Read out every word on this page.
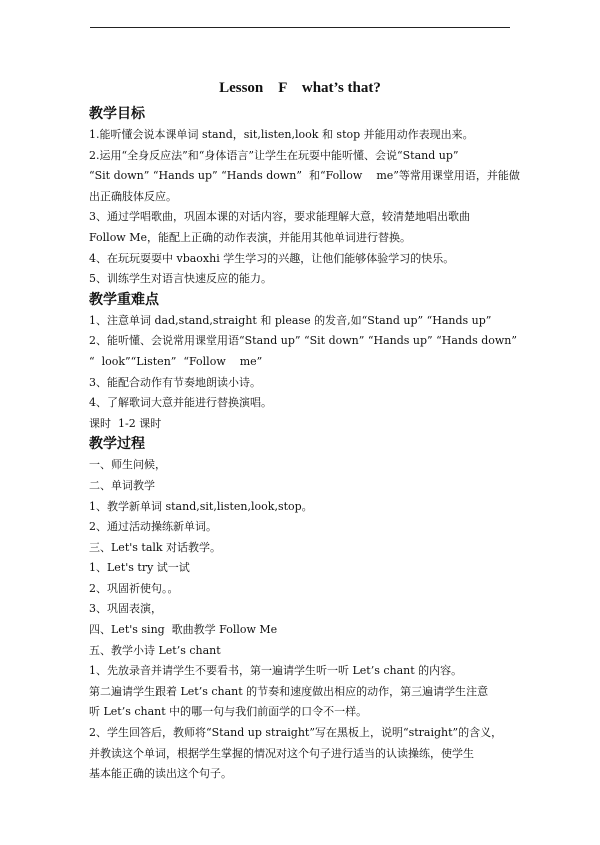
Lesson    F    what’s that?
教学目标
1.能听懂会说本课单词 stand，sit,listen,look 和 stop 并能用动作表现出来。
2.运用“全身反应法”和“身体语言”让学生在玩耍中能听懂、会说“Stand up”
“Sit down” “Hands up” “Hands down”  和“Follow    me”等常用课堂用语，并能做
出正确肢体反应。
3、通过学唱歌曲，巩固本课的对话内容，要求能理解大意，较清楚地唱出歌曲
Follow Me，能配上正确的动作表演，并能用其他单词进行替换。
4、在玩玩耍耍中 vbaoxhi 学生学习的兴趣，让他们能够体验学习的快乐。
5、训练学生对语言快速反应的能力。
教学重难点
1、注意单词 dad,stand,straight 和 please 的发音,如“Stand up” “Hands up”
2、能听懂、会说常用课堂用语“Stand up” “Sit down” “Hands up” “Hands down”
“  look”“Listen”  “Follow    me”
3、能配合动作有节奏地朗读小诗。
4、了解歌词大意并能进行替换演唱。
课时  1-2 课时
教学过程
一、师生问候，
二、单词教学
1、教学新单词 stand,sit,listen,look,stop。
2、通过活动操练新单词。
三、Let's talk 对话教学。
1、Let's try 试一试
2、巩固祈使句。。
3、巩固表演，
四、Let's sing  歌曲教学 Follow Me
五、教学小诗 Let’s chant
1、先放录音并请学生不要看书，第一遍请学生听一听 Let’s chant 的内容。
第二遍请学生跟着 Let’s chant 的节奏和速度做出相应的动作，第三遍请学生注意
听 Let’s chant 中的哪一句与我们前面学的口令不一样。
2、学生回答后，教师将“Stand up straight”写在黑板上，说明“straight”的含义，
并教读这个单词，根据学生掌握的情况对这个句子进行适当的认读操练，使学生
基本能正确的读出这个句子。
